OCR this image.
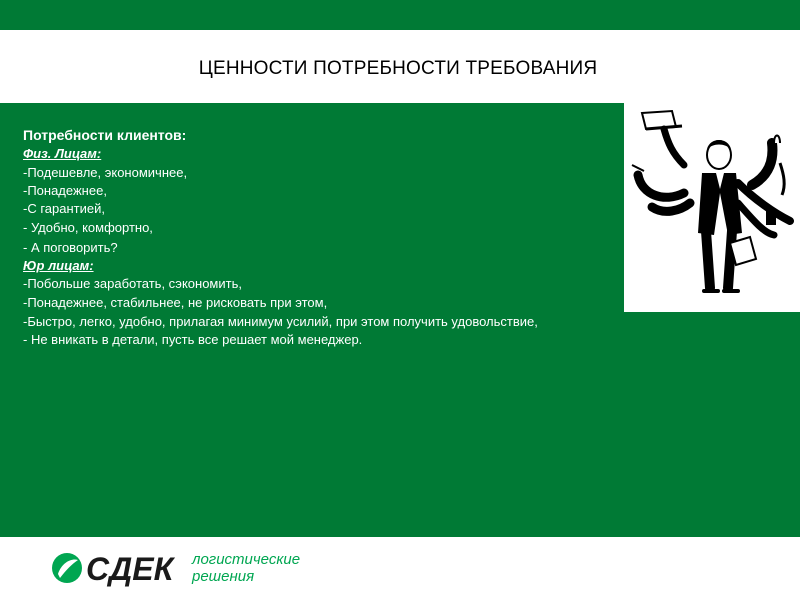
ЦЕННОСТИ ПОТРЕБНОСТИ ТРЕБОВАНИЯ
Потребности клиентов:
Физ. Лицам:
-Подешевле, экономичнее,
-Понадежнее,
-С гарантией,
- Удобно, комфортно,
- А поговорить?
Юр лицам:
-Побольше заработать, сэкономить,
-Понадежнее, стабильнее, не рисковать при этом,
-Быстро, легко, удобно, прилагая минимум усилий, при этом получить удовольствие,
- Не вникать в детали, пусть все решает мой менеджер.
СДЕК логистические
решения
